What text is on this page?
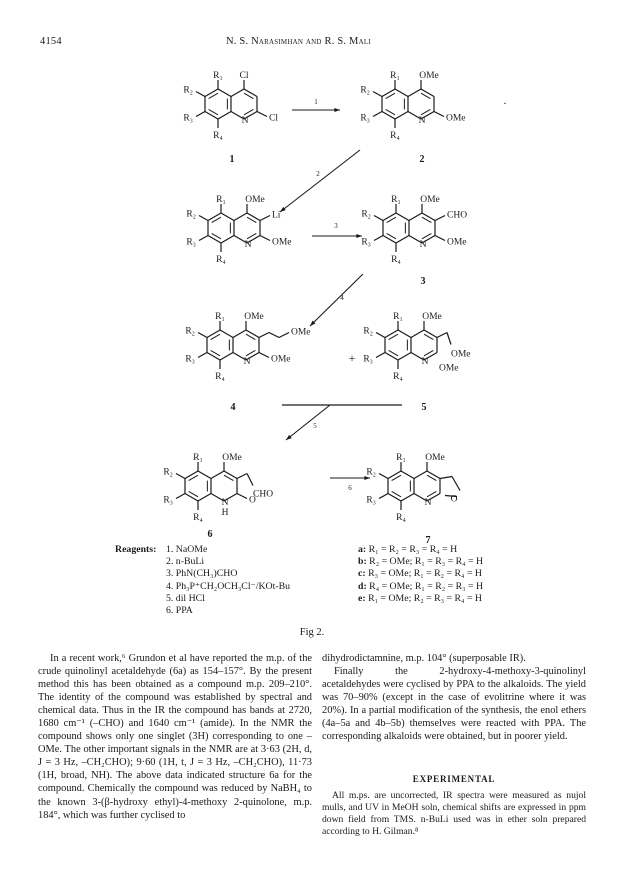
4154	N. S. Narasimhan and R. S. Mali
N
R₁
R₂
R₃
R₄
Cl
Cl
1
1
N
R₁
R₂
R₃
R₄
OMe
OMe
2
.
2
N
R₁
R₂
R₃
R₄
OMe
OMe
Li
3
N
R₁
R₂
R₃
R₄
OMe
OMe
CHO
3
4
N
R₁
R₂
R₃
R₄
OMe
OMe
OMe
4
+	N
R₁
R₂
R₃
R₄
OMe
OMe
OMe
5
5
N
R₁
R₂
R₃
R₄
OMe
O
H
CHO
6
6
N
R₁
R₂
R₃
R₄
OMe
O
7
Reagents: 1. NaOMe
2. n-BuLi
3. PhN(CH₃)CHO
4. Ph₃P⁺CH₂OCH₃Cl⁻/KOt-Bu
5. dil HCl
6. PPA
a: R₁ = R₂ = R₃ = R₄ = H
b: R₂ = OMe; R₁ = R₃ = R₄ = H
c: R₃ = OMe; R₁ = R₂ = R₄ = H
d: R₄ = OMe; R₁ = R₂ = R₃ = H
e: R₁ = OMe; R₂ = R₃ = R₄ = H
Fig 2.

In a recent work,⁶ Grundon et al have reported the m.p. of the crude quinolinyl acetaldehyde (6a) as 154–157°. By the present method this has been obtained as a compound m.p. 209–210°. The identity of the compound was established by spectral and chemical data. Thus in the IR the compound has bands at 2720, 1680 cm⁻¹ (–CHO) and 1640 cm⁻¹ (amide). In the NMR the compound shows only one singlet (3H) corresponding to one –OMe. The other important signals in the NMR are at 3·63 (2H, d, J = 3 Hz, –CH₂CHO); 9·60 (1H, t, J = 3 Hz, –CH₂CHO), 11·73 (1H, broad, NH). The above data indicated structure 6a for the compound. Chemically the compound was reduced by NaBH₄ to the known 3-(β-hydroxy ethyl)-4-methoxy 2-quinolone, m.p. 184°, which was further cyclised to

dihydrodictamnine, m.p. 104° (superposable IR).

Finally the 2-hydroxy-4-methoxy-3-quinolinyl acetaldehydes were cyclised by PPA to the alkaloids. The yield was 70–90% (except in the case of evolitrine where it was 20%). In a partial modification of the synthesis, the enol ethers (4a–5a and 4b–5b) themselves were reacted with PPA. The corresponding alkaloids were obtained, but in poorer yield.

EXPERIMENTAL

All m.ps. are uncorrected, IR spectra were measured as nujol mulls, and UV in MeOH soln, chemical shifts are expressed in ppm down field from TMS. n-BuLi used was in ether soln prepared according to H. Gilman.⁸
